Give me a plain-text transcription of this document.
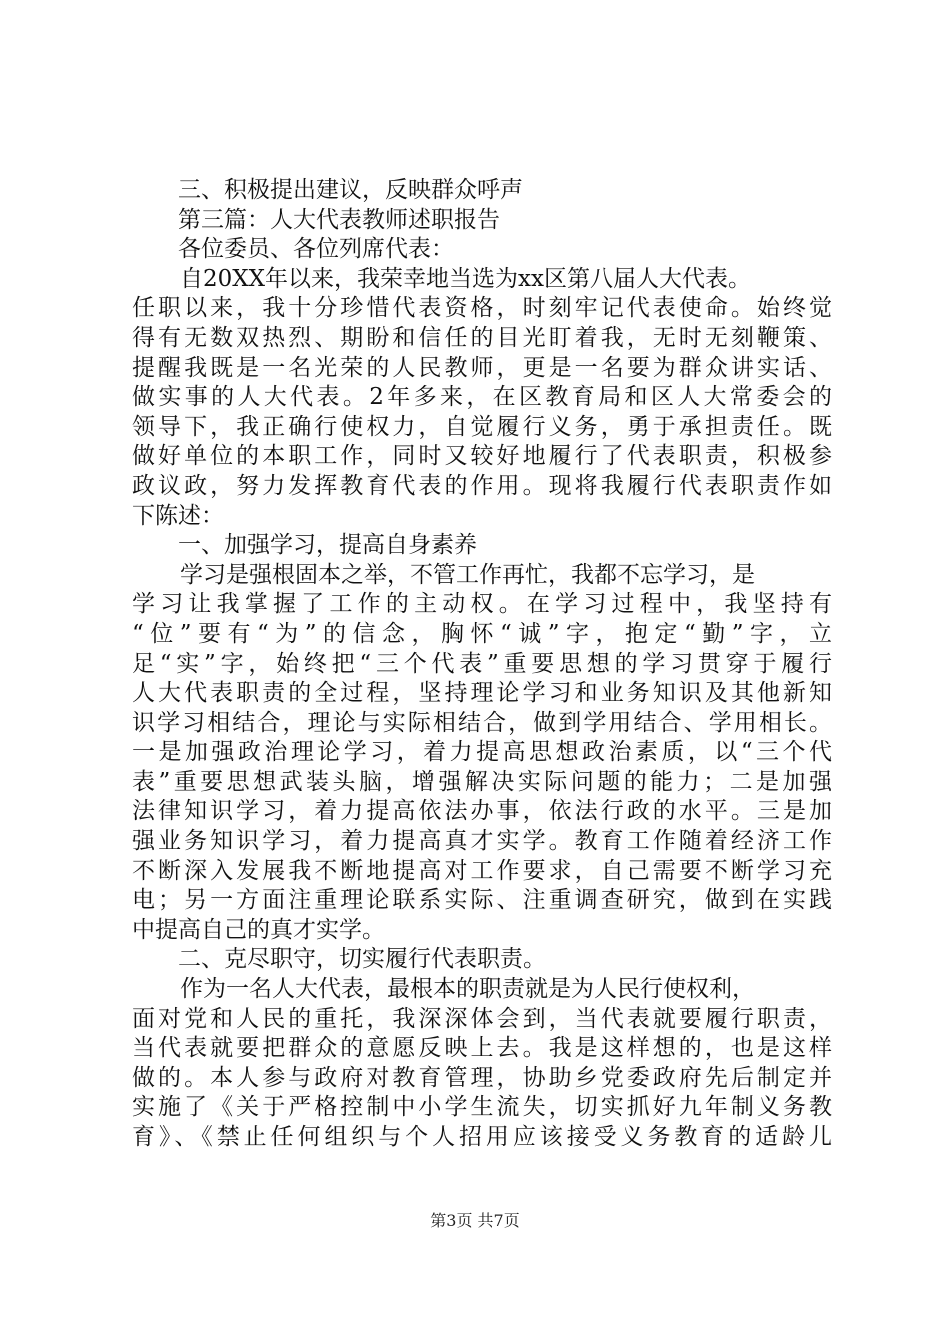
三、积极提出建议，反映群众呼声
第三篇：人大代表教师述职报告
各位委员、各位列席代表：
自20XX年以来，我荣幸地当选为xx区第八届人大代表。
任职以来，我十分珍惜代表资格，时刻牢记代表使命。始终觉
得有无数双热烈、期盼和信任的目光盯着我，无时无刻鞭策、
提醒我既是一名光荣的人民教师，更是一名要为群众讲实话、
做实事的人大代表。2年多来，在区教育局和区人大常委会的
领导下，我正确行使权力，自觉履行义务，勇于承担责任。既
做好单位的本职工作，同时又较好地履行了代表职责，积极参
政议政，努力发挥教育代表的作用。现将我履行代表职责作如
下陈述：
一、加强学习，提高自身素养
学习是强根固本之举，不管工作再忙，我都不忘学习，是
学习让我掌握了工作的主动权。在学习过程中，我坚持有
“位”要有“为”的信念，胸怀“诚”字，抱定“勤”字，立
足“实”字，始终把“三个代表”重要思想的学习贯穿于履行
人大代表职责的全过程，坚持理论学习和业务知识及其他新知
识学习相结合，理论与实际相结合，做到学用结合、学用相长。
一是加强政治理论学习，着力提高思想政治素质，以“三个代
表”重要思想武装头脑，增强解决实际问题的能力；二是加强
法律知识学习，着力提高依法办事，依法行政的水平。三是加
强业务知识学习，着力提高真才实学。教育工作随着经济工作
不断深入发展我不断地提高对工作要求，自己需要不断学习充
电；另一方面注重理论联系实际、注重调查研究，做到在实践
中提高自己的真才实学。
二、克尽职守，切实履行代表职责。
作为一名人大代表，最根本的职责就是为人民行使权利，
面对党和人民的重托，我深深体会到，当代表就要履行职责，
当代表就要把群众的意愿反映上去。我是这样想的，也是这样
做的。本人参与政府对教育管理，协助乡党委政府先后制定并
实施了《关于严格控制中小学生流失，切实抓好九年制义务教
育》、《禁止任何组织与个人招用应该接受义务教育的适龄儿
第3页 共7页
